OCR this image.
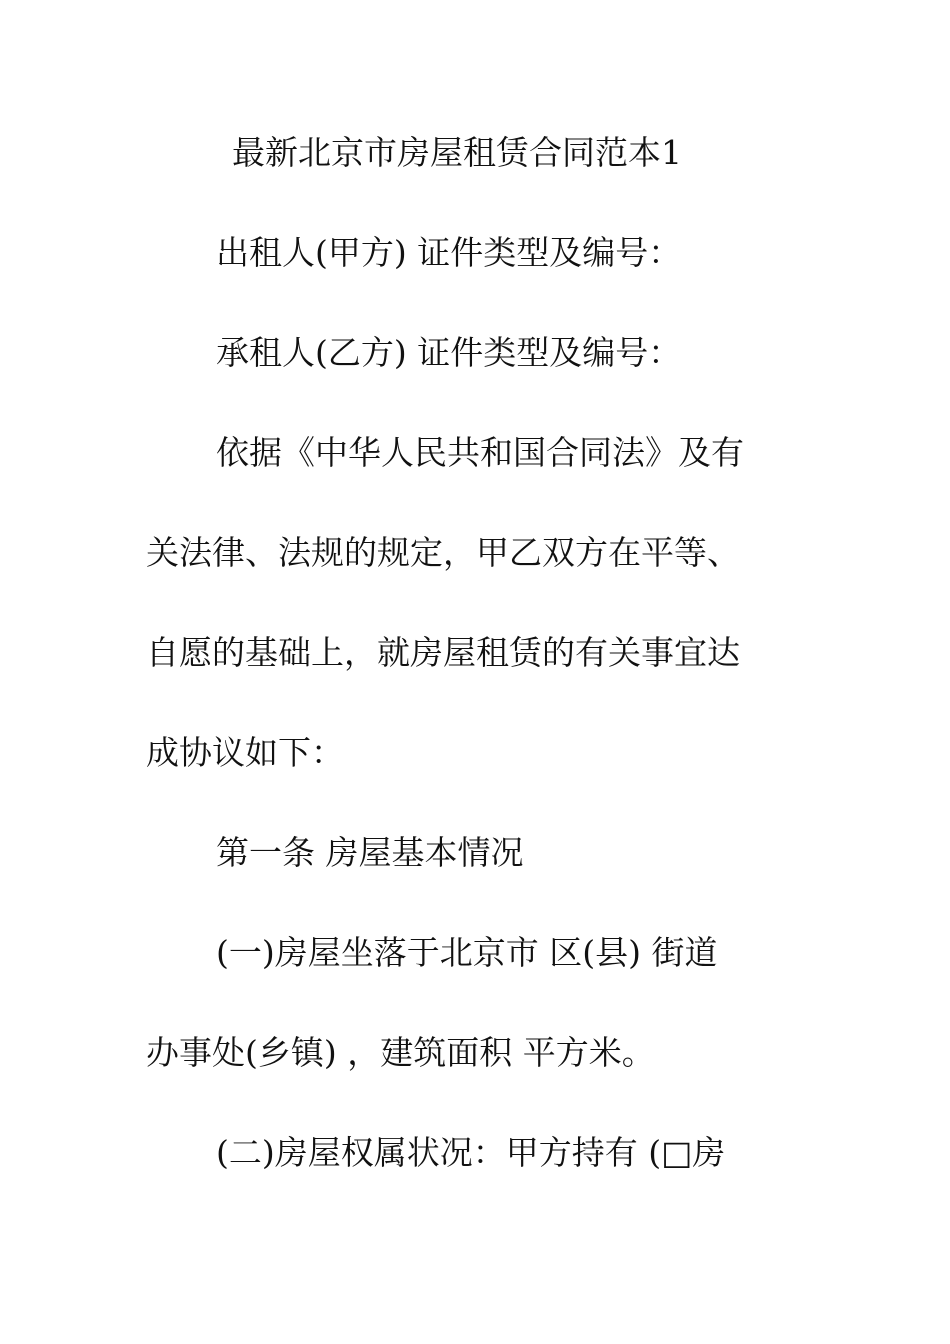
最新北京市房屋租赁合同范本1
出租人(甲方) 证件类型及编号：
承租人(乙方) 证件类型及编号：
依据《中华人民共和国合同法》及有
关法律、法规的规定，甲乙双方在平等、
自愿的基础上，就房屋租赁的有关事宜达
成协议如下：
第一条 房屋基本情况
(一)房屋坐落于北京市 区(县) 街道
办事处(乡镇) ，建筑面积 平方米。
(二)房屋权属状况：甲方持有 (□房
